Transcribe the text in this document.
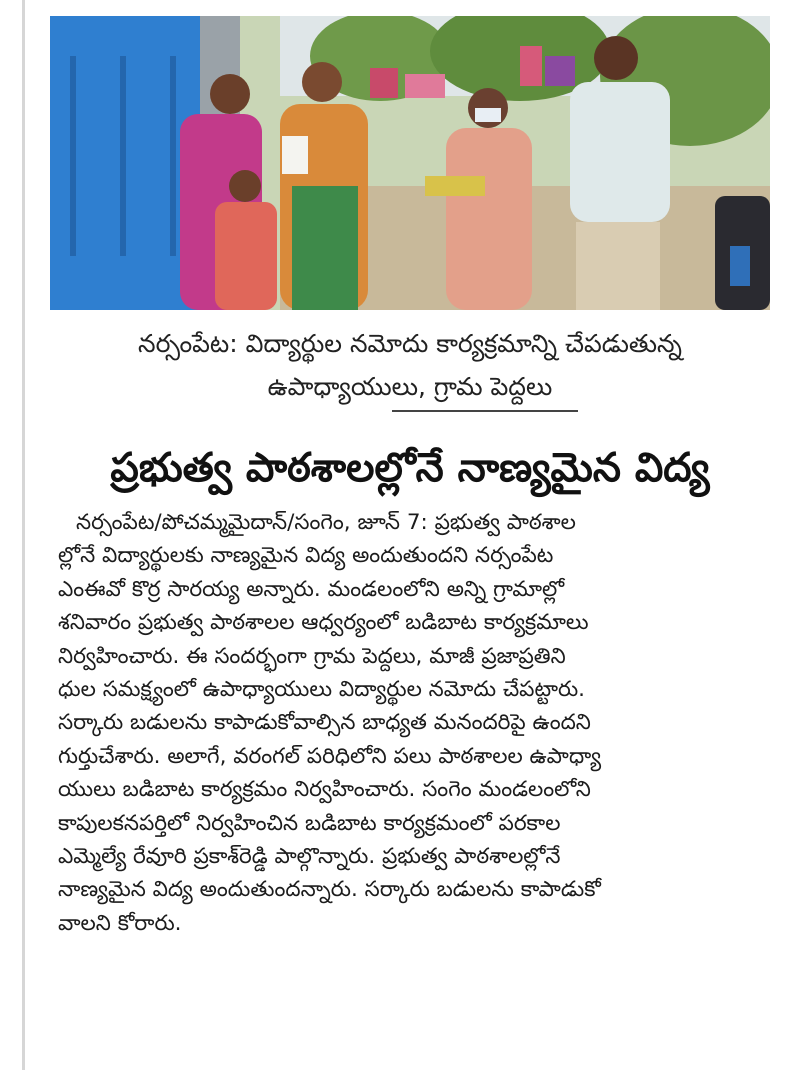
నర్సంపేట: విద్యార్థుల నమోదు కార్యక్రమాన్ని చేపడుతున్న
ఉపాధ్యాయులు, గ్రామ పెద్దలు
ప్రభుత్వ పాఠశాలల్లోనే నాణ్యమైన విద్య
నర్సంపేట/పోచమ్మమైదాన్/సంగెం, జూన్ 7: ప్రభుత్వ పాఠశాల
ల్లోనే విద్యార్థులకు నాణ్యమైన విద్య అందుతుందని నర్సంపేట
ఎంఈవో కొర్ర సారయ్య అన్నారు. మండలంలోని అన్ని గ్రామాల్లో
శనివారం ప్రభుత్వ పాఠశాలల ఆధ్వర్యంలో బడిబాట కార్యక్రమాలు
నిర్వహించారు. ఈ సందర్భంగా గ్రామ పెద్దలు, మాజీ ప్రజాప్రతిని
ధుల సమక్ష్యంలో ఉపాధ్యాయులు విద్యార్థుల నమోదు చేపట్టారు.
సర్కారు బడులను కాపాడుకోవాల్సిన బాధ్యత మనందరిపై ఉందని
గుర్తుచేశారు. అలాగే, వరంగల్ పరిధిలోని పలు పాఠశాలల ఉపాధ్యా
యులు బడిబాట కార్యక్రమం నిర్వహించారు. సంగెం మండలంలోని
కాపులకనపర్తిలో నిర్వహించిన బడిబాట కార్యక్రమంలో పరకాల
ఎమ్మెల్యే రేవూరి ప్రకాశ్‌రెడ్డి పాల్గొన్నారు. ప్రభుత్వ పాఠశాలల్లోనే
నాణ్యమైన విద్య అందుతుందన్నారు. సర్కారు బడులను కాపాడుకో
వాలని కోరారు.
